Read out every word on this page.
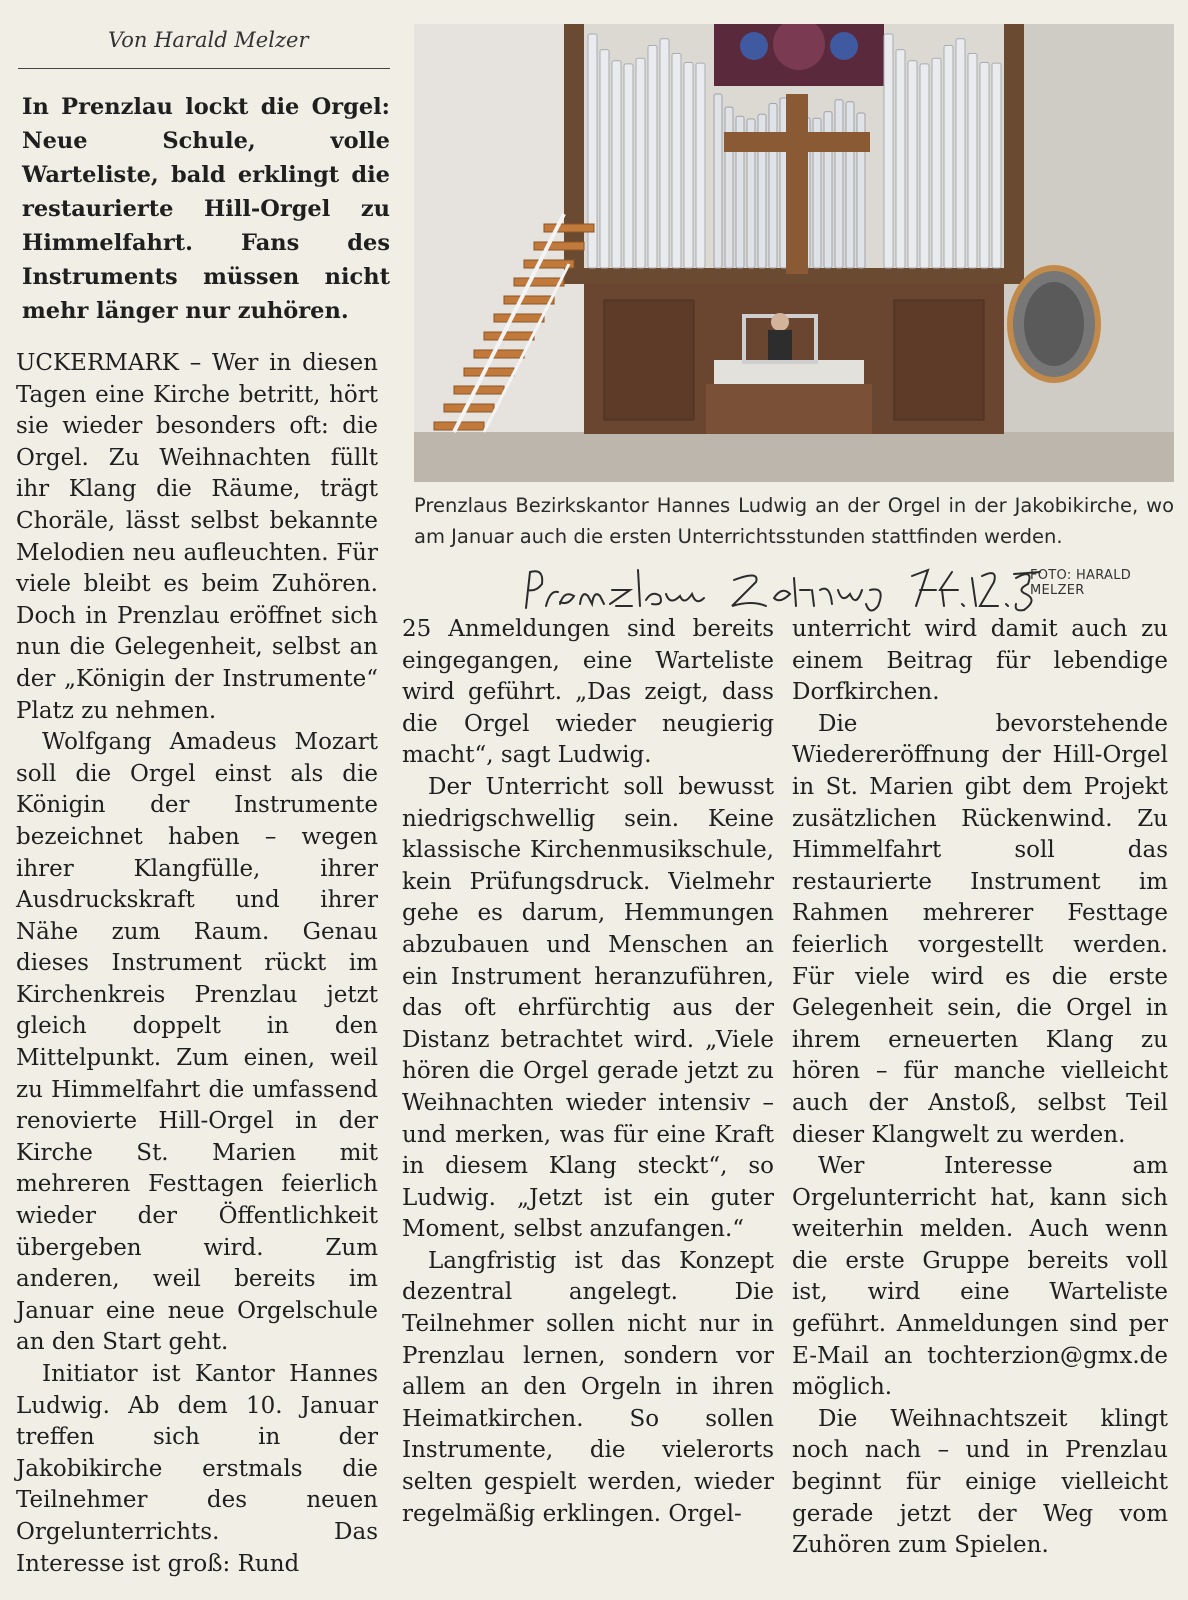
Von Harald Melzer
In Prenzlau lockt die Orgel: Neue Schule, volle Warteliste, bald erklingt die restaurierte Hill-Orgel zu Himmelfahrt. Fans des Instruments müssen nicht mehr länger nur zuhören.

UCKERMARK – Wer in diesen Tagen eine Kirche betritt, hört sie wieder besonders oft: die Orgel. Zu Weihnachten füllt ihr Klang die Räume, trägt Choräle, lässt selbst bekannte Melodien neu aufleuchten. Für viele bleibt es beim Zuhören. Doch in Prenzlau eröffnet sich nun die Gelegenheit, selbst an der „Königin der Instrumente“ Platz zu nehmen.

Wolfgang Amadeus Mozart soll die Orgel einst als die Königin der Instrumente bezeichnet haben – wegen ihrer Klangfülle, ihrer Ausdruckskraft und ihrer Nähe zum Raum. Genau dieses Instrument rückt im Kirchenkreis Prenzlau jetzt gleich doppelt in den Mittelpunkt. Zum einen, weil zu Himmelfahrt die umfassend renovierte Hill-Orgel in der Kirche St. Marien mit mehreren Festtagen feierlich wieder der Öffentlichkeit übergeben wird. Zum anderen, weil bereits im Januar eine neue Orgelschule an den Start geht.

Initiator ist Kantor Hannes Ludwig. Ab dem 10. Januar treffen sich in der Jakobikirche erstmals die Teilnehmer des neuen Orgelunterrichts. Das Interesse ist groß: Rund

Prenzlaus Bezirkskantor Hannes Ludwig an der Orgel in der Jakobikirche, wo am Januar auch die ersten Unterrichtsstunden stattfinden werden.
FOTO: HARALD MELZER

25 Anmeldungen sind bereits eingegangen, eine Warteliste wird geführt. „Das zeigt, dass die Orgel wieder neugierig macht“, sagt Ludwig.

Der Unterricht soll bewusst niedrigschwellig sein. Keine klassische Kirchenmusikschule, kein Prüfungsdruck. Vielmehr gehe es darum, Hemmungen abzubauen und Menschen an ein Instrument heranzuführen, das oft ehrfürchtig aus der Distanz betrachtet wird. „Viele hören die Orgel gerade jetzt zu Weihnachten wieder intensiv – und merken, was für eine Kraft in diesem Klang steckt“, so Ludwig. „Jetzt ist ein guter Moment, selbst anzufangen.“

Langfristig ist das Konzept dezentral angelegt. Die Teilnehmer sollen nicht nur in Prenzlau lernen, sondern vor allem an den Orgeln in ihren Heimatkirchen. So sollen Instrumente, die vielerorts selten gespielt werden, wieder regelmäßig erklingen. Orgel-

unterricht wird damit auch zu einem Beitrag für lebendige Dorfkirchen.

Die bevorstehende Wiedereröffnung der Hill-Orgel in St. Marien gibt dem Projekt zusätzlichen Rückenwind. Zu Himmelfahrt soll das restaurierte Instrument im Rahmen mehrerer Festtage feierlich vorgestellt werden. Für viele wird es die erste Gelegenheit sein, die Orgel in ihrem erneuerten Klang zu hören – für manche vielleicht auch der Anstoß, selbst Teil dieser Klangwelt zu werden.

Wer Interesse am Orgelunterricht hat, kann sich weiterhin melden. Auch wenn die erste Gruppe bereits voll ist, wird eine Warteliste geführt. Anmeldungen sind per E-Mail an tochterzion@gmx.de möglich.

Die Weihnachtszeit klingt noch nach – und in Prenzlau beginnt für einige vielleicht gerade jetzt der Weg vom Zuhören zum Spielen.
